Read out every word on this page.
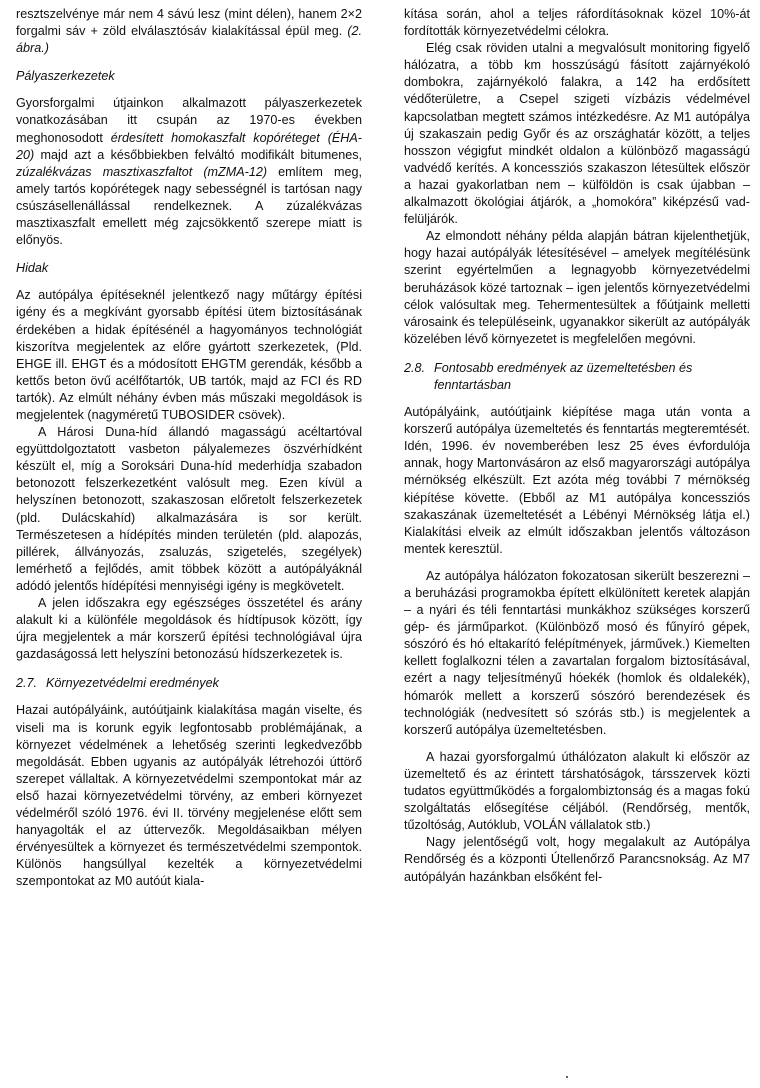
resztszelvénye már nem 4 sávú lesz (mint délen), hanem 2×2 forgalmi sáv + zöld elválasztósáv kialakítással épül meg. (2. ábra.)

Pályaszerkezetek

Gyorsforgalmi útjainkon alkalmazott pályaszerkezetek vonatkozásában itt csupán az 1970-es években meghonosodott érdesített homokaszfalt kopóréteget (ÉHA-20) majd azt a későbbiekben felváltó modifikált bitumenes, zúzalékvázas masztixaszfaltot (mZMA-12) említem meg, amely tartós kopórétegek nagy sebességnél is tartósan nagy csúszásellenállással rendelkeznek. A zúzalékvázas masztixaszfalt emellett még zajcsökkentő szerepe miatt is előnyös.

Hidak

Az autópálya építéseknél jelentkező nagy műtárgy építési igény és a megkívánt gyorsabb építési ütem biztosításának érdekében a hidak építésénél a hagyományos technológiát kiszorítva megjelentek az előre gyártott szerkezetek, (Pld. EHGE ill. EHGT és a módosított EHGTM gerendák, később a kettős beton övű acélfőtartók, UB tartók, majd az FCI és RD tartók). Az elmúlt néhány évben más műszaki megoldások is megjelentek (nagyméretű TUBOSIDER csövek).

A Hárosi Duna-híd állandó magasságú acéltartóval együttdolgoztatott vasbeton pályalemezes öszvérhídként készült el, míg a Soroksári Duna-híd mederhídja szabadon betonozott felszerkezetként valósult meg. Ezen kívül a helyszínen betonozott, szakaszosan előretolt felszerkezetek (pld. Dulácskahíd) alkalmazására is sor került. Természetesen a hídépítés minden területén (pld. alapozás, pillérek, állványozás, zsaluzás, szigetelés, szegélyek) lemérhető a fejlődés, amit többek között a autópályáknál adódó jelentős hídépítési mennyiségi igény is megkövetelt.

A jelen időszakra egy egészséges összetétel és arány alakult ki a különféle megoldások és hídtípusok között, így újra megjelentek a már korszerű építési technológiával újra gazdaságossá lett helyszíni betonozású hídszerkezetek is.

2.7. Környezetvédelmi eredmények

Hazai autópályáink, autóútjaink kialakítása magán viselte, és viseli ma is korunk egyik legfontosabb problémájának, a környezet védelmének a lehetőség szerinti legkedvezőbb megoldását. Ebben ugyanis az autópályák létrehozói úttörő szerepet vállaltak. A környezetvédelmi szempontokat már az első hazai környezetvédelmi törvény, az emberi környezet védelméről szóló 1976. évi II. törvény megjelenése előtt sem hanyagolták el az úttervezők. Megoldásaikban mélyen érvényesültek a környezet és természetvédelmi szempontok. Különös hangsúllyal kezelték a környezetvédelmi szempontokat az M0 autóút kiala-

kítása során, ahol a teljes ráfordításoknak közel 10%-át fordították környezetvédelmi célokra.

Elég csak röviden utalni a megvalósult monitoring figyelő hálózatra, a több km hosszúságú fásított zajárnyékoló dombokra, zajárnyékoló falakra, a 142 ha erdősített védőterületre, a Csepel szigeti vízbázis védelmével kapcsolatban megtett számos intézkedésre. Az M1 autópálya új szakaszain pedig Győr és az országhatár között, a teljes hosszon végigfut mindkét oldalon a különböző magasságú vadvédő kerítés. A koncessziós szakaszon létesültek először a hazai gyakorlatban nem – külföldön is csak újabban – alkalmazott ökológiai átjárók, a „homokóra” kiképzésű vad-felüljárók.

Az elmondott néhány példa alapján bátran kijelenthetjük, hogy hazai autópályák létesítésével – amelyek megítélésünk szerint egyértelműen a legnagyobb környezetvédelmi beruházások közé tartoznak – igen jelentős környezetvédelmi célok valósultak meg. Tehermentesültek a főútjaink melletti városaink és településeink, ugyanakkor sikerült az autópályák közelében lévő környezetet is megfelelően megóvni.

2.8. Fontosabb eredmények az üzemeltetésben és fenntartásban

Autópályáink, autóútjaink kiépítése maga után vonta a korszerű autópálya üzemeltetés és fenntartás megteremtését. Idén, 1996. év novemberében lesz 25 éves évfordulója annak, hogy Martonvásáron az első magyarországi autópálya mérnökség elkészült. Ezt azóta még további 7 mérnökség kiépítése követte. (Ebből az M1 autópálya koncessziós szakaszának üzemeltetését a Lébényi Mérnökség látja el.) Kialakítási elveik az elmúlt időszakban jelentős változáson mentek keresztül.

Az autópálya hálózaton fokozatosan sikerült beszerezni – a beruházási programokba épített elkülönített keretek alapján – a nyári és téli fenntartási munkákhoz szükséges korszerű gép- és járműparkot. (Különböző mosó és fűnyíró gépek, sószóró és hó eltakarító felépítmények, járművek.) Kiemelten kellett foglalkozni télen a zavartalan forgalom biztosításával, ezért a nagy teljesítményű hóekék (homlok és oldalekék), hómarók mellett a korszerű sószóró berendezések és technológiák (nedvesített só szórás stb.) is megjelentek a korszerű autópálya üzemeltetésben.

A hazai gyorsforgalmú úthálózaton alakult ki először az üzemeltető és az érintett társhatóságok, társszervek közti tudatos együttműködés a forgalombiztonság és a magas fokú szolgáltatás elősegítése céljából. (Rendőrség, mentők, tűzoltóság, Autóklub, VOLÁN vállalatok stb.)

Nagy jelentőségű volt, hogy megalakult az Autópálya Rendőrség és a központi Útellenőrző Parancsnokság. Az M7 autópályán hazánkban elsőként fel-
